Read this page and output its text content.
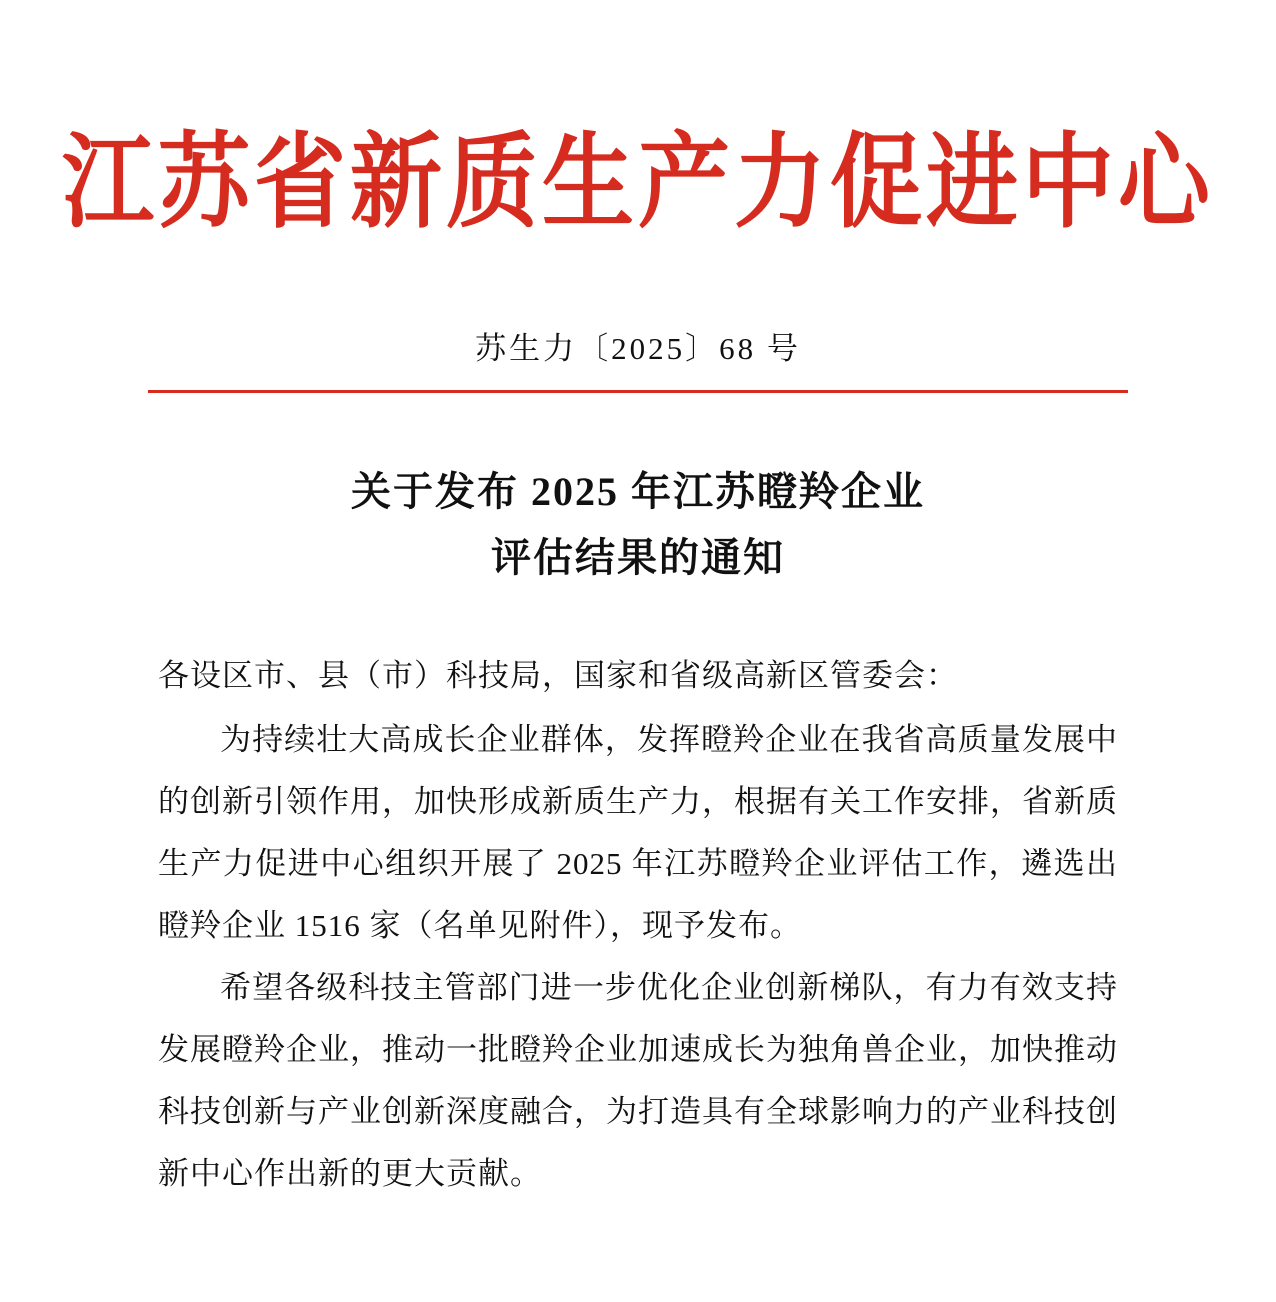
江苏省新质生产力促进中心
苏生力〔2025〕68 号
关于发布 2025 年江苏瞪羚企业
评估结果的通知

各设区市、县（市）科技局，国家和省级高新区管委会：

为持续壮大高成长企业群体，发挥瞪羚企业在我省高质量发展中的创新引领作用，加快形成新质生产力，根据有关工作安排，省新质生产力促进中心组织开展了 2025 年江苏瞪羚企业评估工作，遴选出瞪羚企业 1516 家（名单见附件），现予发布。

希望各级科技主管部门进一步优化企业创新梯队，有力有效支持发展瞪羚企业，推动一批瞪羚企业加速成长为独角兽企业，加快推动科技创新与产业创新深度融合，为打造具有全球影响力的产业科技创新中心作出新的更大贡献。
